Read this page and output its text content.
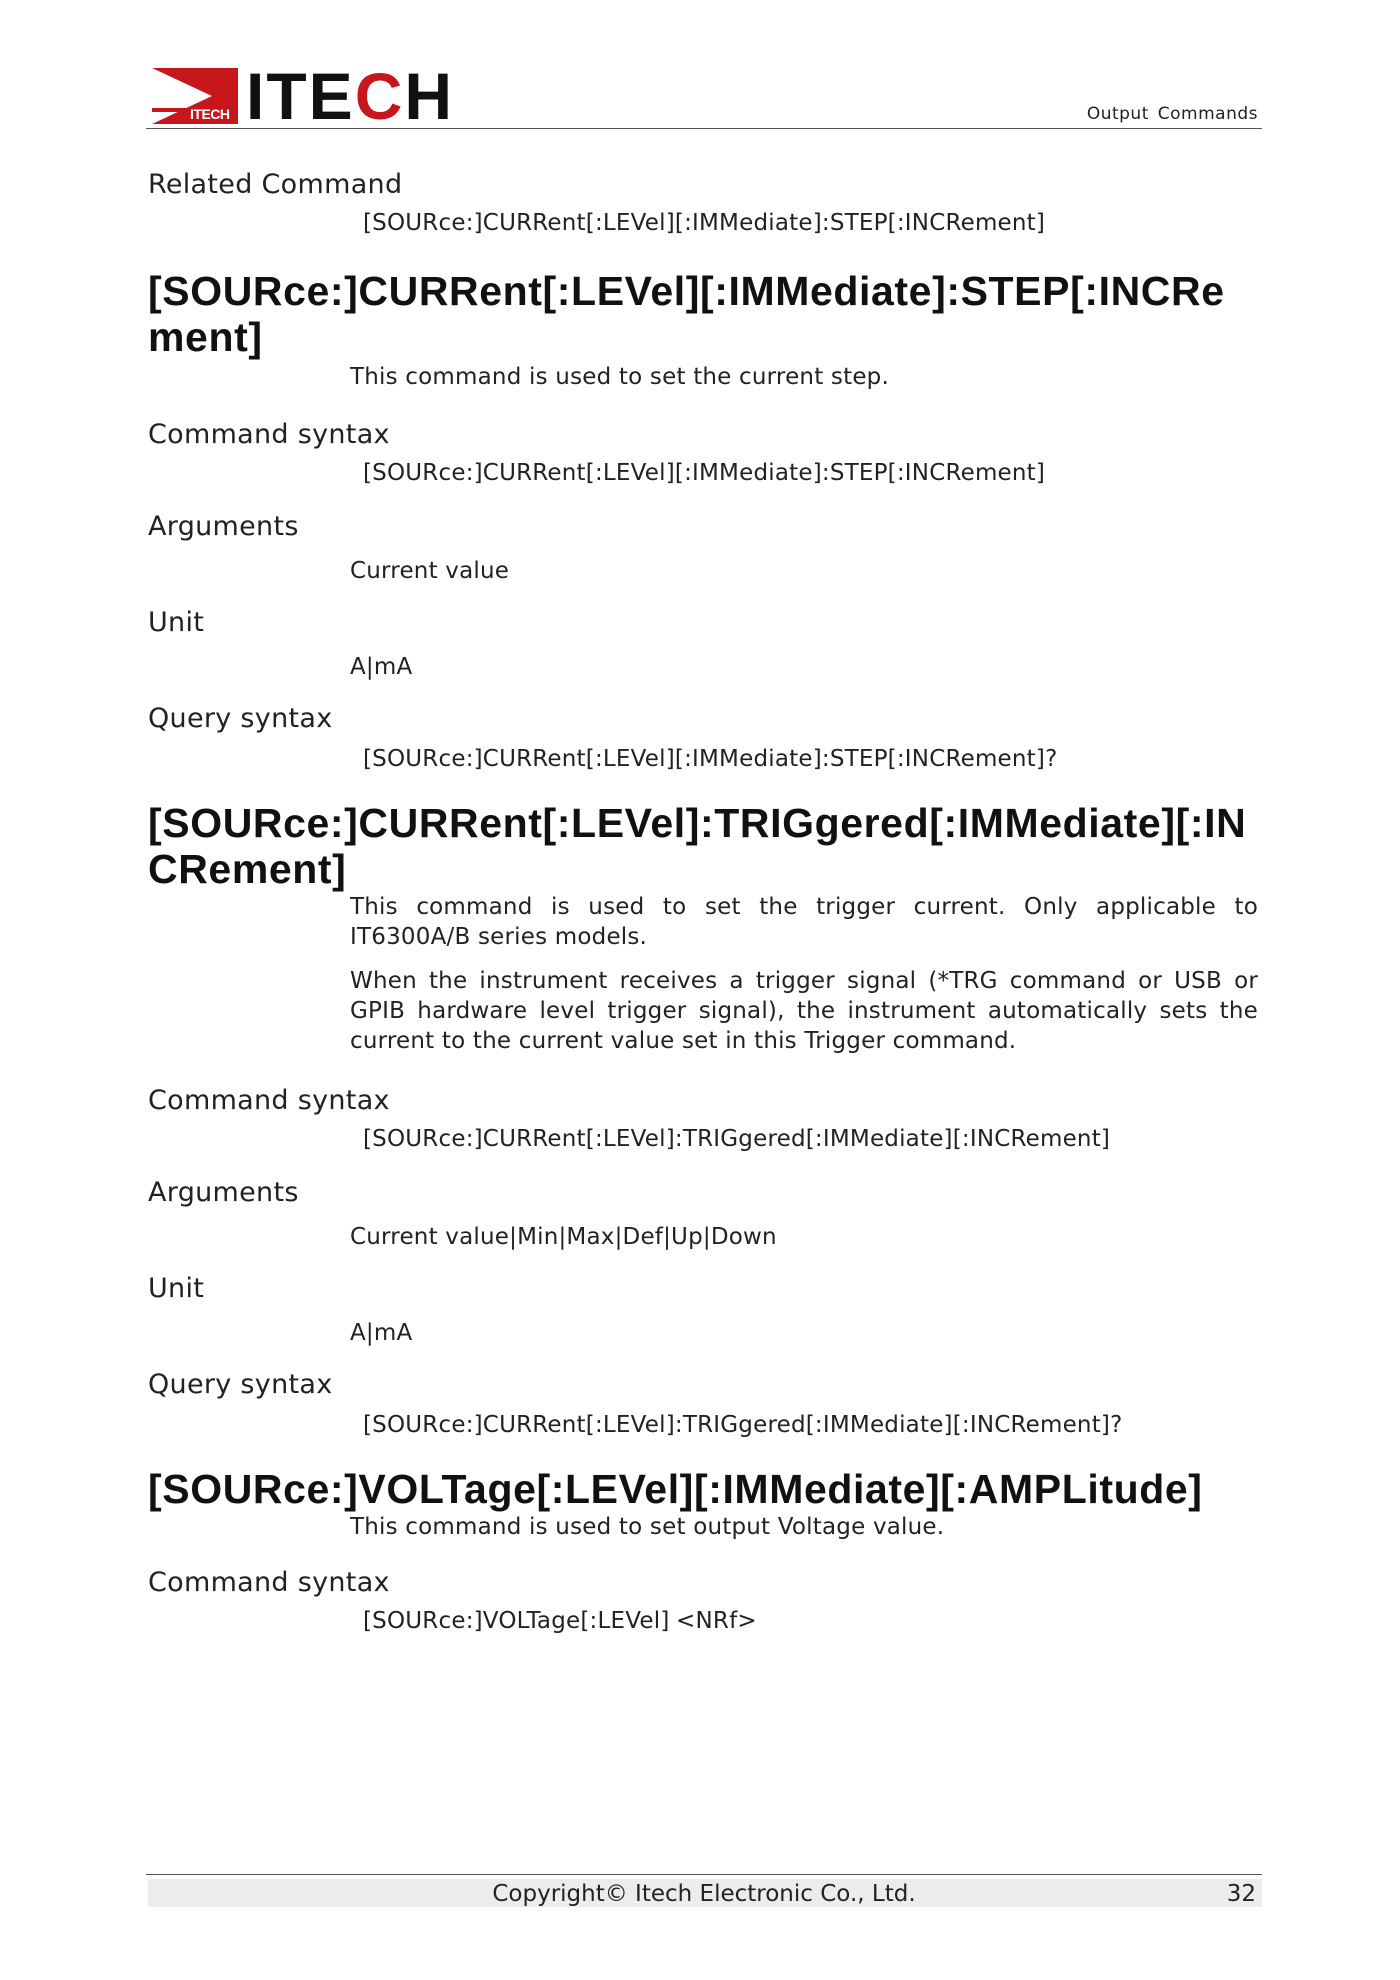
ITECH ITECH	Output Commands

Related Command

[SOURce:]CURRent[:LEVel][:IMMediate]:STEP[:INCRement]

[SOURce:]CURRent[:LEVel][:IMMediate]:STEP[:INCRement]

This command is used to set the current step.

Command syntax

[SOURce:]CURRent[:LEVel][:IMMediate]:STEP[:INCRement]

Arguments

Current value

Unit

A|mA

Query syntax

[SOURce:]CURRent[:LEVel][:IMMediate]:STEP[:INCRement]?

[SOURce:]CURRent[:LEVel]:TRIGgered[:IMMediate][:INCRement]

This command is used to set the trigger current. Only applicable to IT6300A/B series models.

When the instrument receives a trigger signal (*TRG command or USB or GPIB hardware level trigger signal), the instrument automatically sets the current to the current value set in this Trigger command.

Command syntax

[SOURce:]CURRent[:LEVel]:TRIGgered[:IMMediate][:INCRement]

Arguments

Current value|Min|Max|Def|Up|Down

Unit

A|mA

Query syntax

[SOURce:]CURRent[:LEVel]:TRIGgered[:IMMediate][:INCRement]?

[SOURce:]VOLTage[:LEVel][:IMMediate][:AMPLitude]

This command is used to set output Voltage value.

Command syntax

[SOURce:]VOLTage[:LEVel] <NRf>

Copyright© Itech Electronic Co., Ltd.	32
